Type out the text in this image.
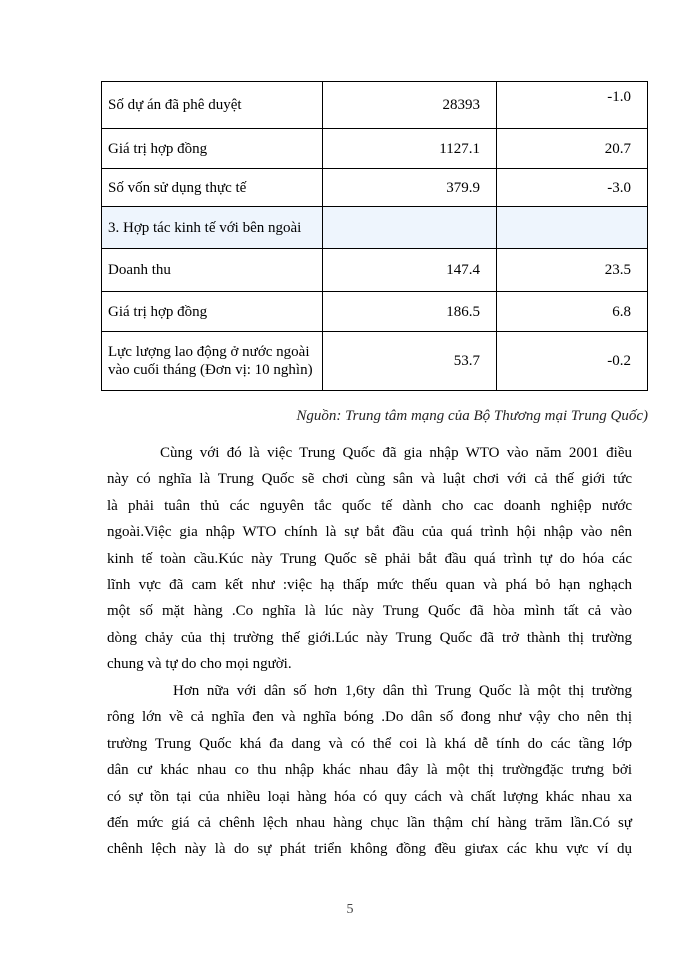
Số dự án đã phê duyệt	28393	-1.0
Giá trị hợp đồng	1127.1	20.7
Số vốn sử dụng thực tế	379.9	-3.0
3. Hợp tác kinh tế với bên ngoài		
Doanh thu	147.4	23.5
Giá trị hợp đồng	186.5	6.8
Lực lượng lao động ở nước ngoài vào cuối tháng (Đơn vị: 10 nghìn)	53.7	-0.2
Nguồn: Trung tâm mạng của Bộ Thương mại Trung Quốc)

Cùng với đó là việc Trung Quốc đã gia nhập WTO vào năm 2001 điều
này có nghĩa là Trung Quốc sẽ chơi cùng sân và luật chơi với cả thế giới tức
là phải tuân thủ các nguyên tắc quốc tế dành cho cac doanh nghiệp nước
ngoài.Việc gia nhập WTO chính là sự bắt đầu của quá trình hội nhập vào nên
kinh tế toàn cầu.Kúc này Trung Quốc sẽ phải bắt đầu quá trình tự do hóa các
lĩnh vực đã cam kết như :việc hạ thấp mức thếu quan và phá bỏ hạn nghạch
một số mặt hàng .Co nghĩa là lúc này Trung Quốc đã hòa mình tất cả vào
dòng chảy của thị trường thế giới.Lúc này Trung Quốc đã trở thành thị trường
chung và tự do cho mọi người.

Hơn nữa với dân số hơn 1,6ty dân thì Trung Quốc là một thị trường
rông lớn về cả nghĩa đen và nghĩa bóng .Do dân số đong như vậy cho nên thị
trường Trung Quốc khá đa dang và có thể coi là khá dễ tính do các tầng lớp
dân cư khác nhau co thu nhập khác nhau đây là một thị trườngđặc trưng bởi
có sự tồn tại của nhiều loại hàng hóa có quy cách và chất lượng khác nhau xa
đến mức giá cả chênh lệch nhau hàng chục lần thậm chí hàng trăm lần.Có sự
chênh lệch này là do sự phát triển không đồng đều giưax các khu vực ví dụ

5
